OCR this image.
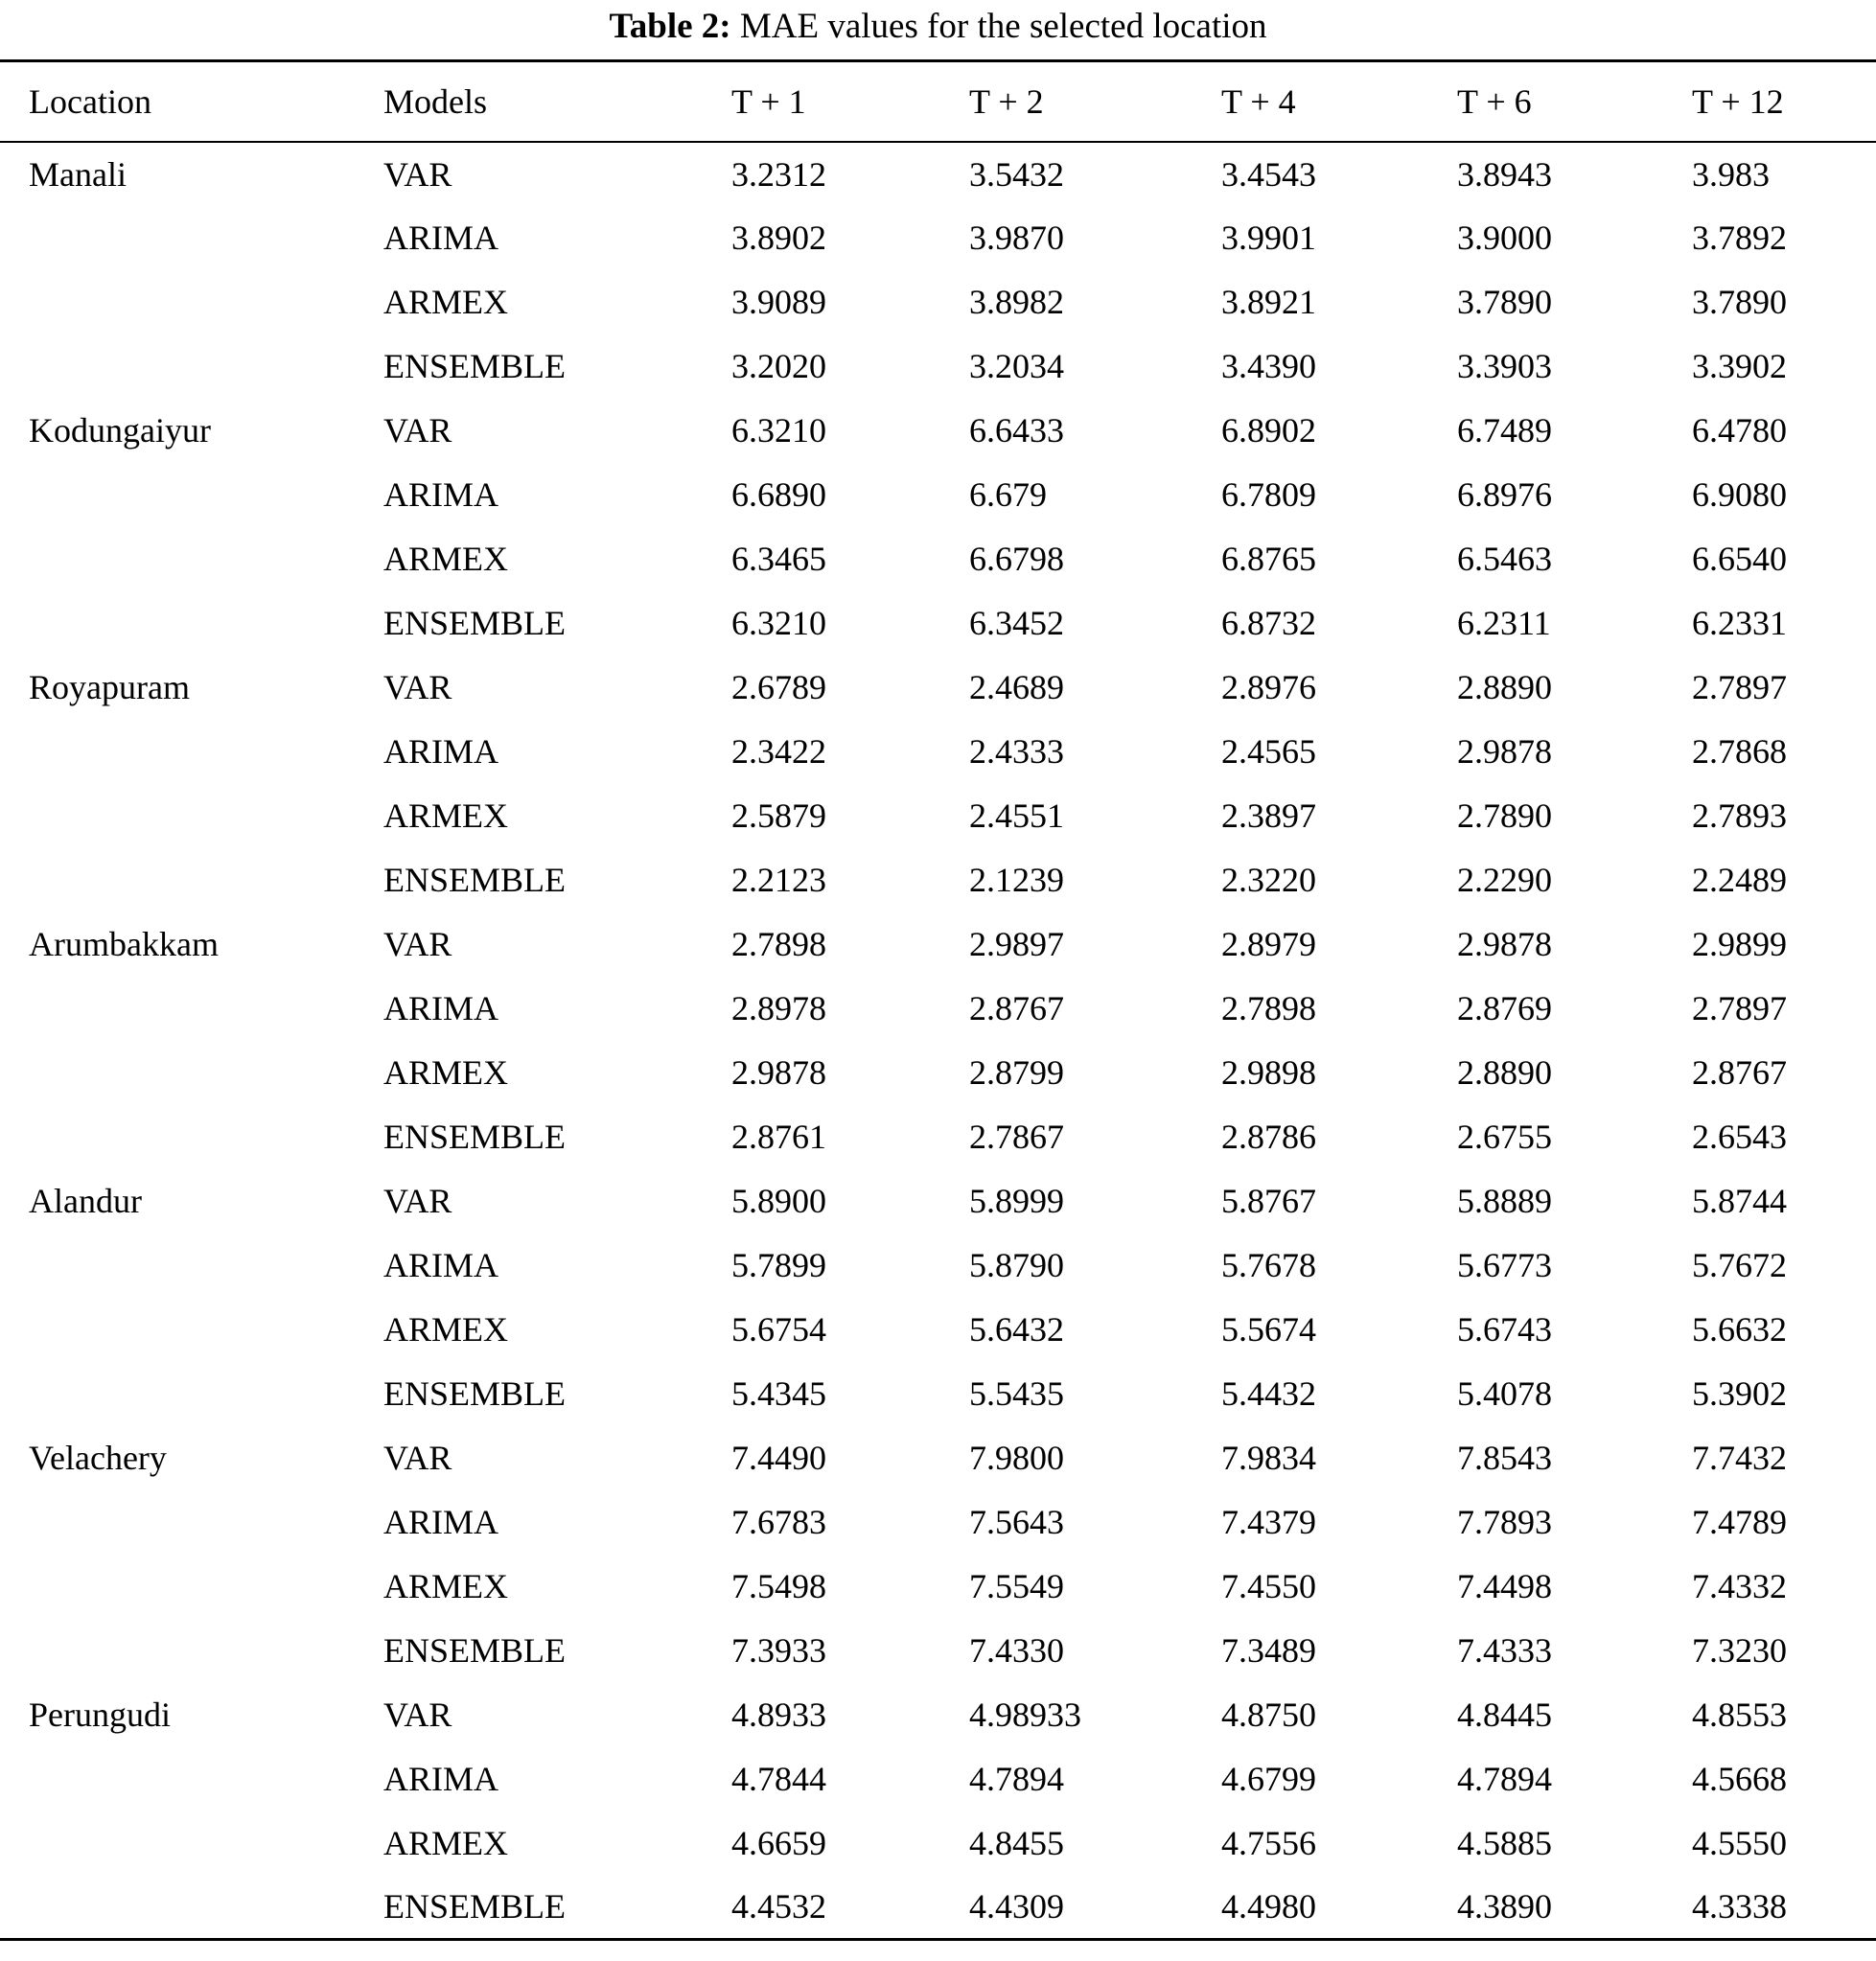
Table 2: MAE values for the selected location
Location	Models	T + 1	T + 2	T + 4	T + 6	T + 12
Manali	VAR	3.2312	3.5432	3.4543	3.8943	3.983
	ARIMA	3.8902	3.9870	3.9901	3.9000	3.7892
	ARMEX	3.9089	3.8982	3.8921	3.7890	3.7890
	ENSEMBLE	3.2020	3.2034	3.4390	3.3903	3.3902
Kodungaiyur	VAR	6.3210	6.6433	6.8902	6.7489	6.4780
	ARIMA	6.6890	6.679	6.7809	6.8976	6.9080
	ARMEX	6.3465	6.6798	6.8765	6.5463	6.6540
	ENSEMBLE	6.3210	6.3452	6.8732	6.2311	6.2331
Royapuram	VAR	2.6789	2.4689	2.8976	2.8890	2.7897
	ARIMA	2.3422	2.4333	2.4565	2.9878	2.7868
	ARMEX	2.5879	2.4551	2.3897	2.7890	2.7893
	ENSEMBLE	2.2123	2.1239	2.3220	2.2290	2.2489
Arumbakkam	VAR	2.7898	2.9897	2.8979	2.9878	2.9899
	ARIMA	2.8978	2.8767	2.7898	2.8769	2.7897
	ARMEX	2.9878	2.8799	2.9898	2.8890	2.8767
	ENSEMBLE	2.8761	2.7867	2.8786	2.6755	2.6543
Alandur	VAR	5.8900	5.8999	5.8767	5.8889	5.8744
	ARIMA	5.7899	5.8790	5.7678	5.6773	5.7672
	ARMEX	5.6754	5.6432	5.5674	5.6743	5.6632
	ENSEMBLE	5.4345	5.5435	5.4432	5.4078	5.3902
Velachery	VAR	7.4490	7.9800	7.9834	7.8543	7.7432
	ARIMA	7.6783	7.5643	7.4379	7.7893	7.4789
	ARMEX	7.5498	7.5549	7.4550	7.4498	7.4332
	ENSEMBLE	7.3933	7.4330	7.3489	7.4333	7.3230
Perungudi	VAR	4.8933	4.98933	4.8750	4.8445	4.8553
	ARIMA	4.7844	4.7894	4.6799	4.7894	4.5668
	ARMEX	4.6659	4.8455	4.7556	4.5885	4.5550
	ENSEMBLE	4.4532	4.4309	4.4980	4.3890	4.3338
